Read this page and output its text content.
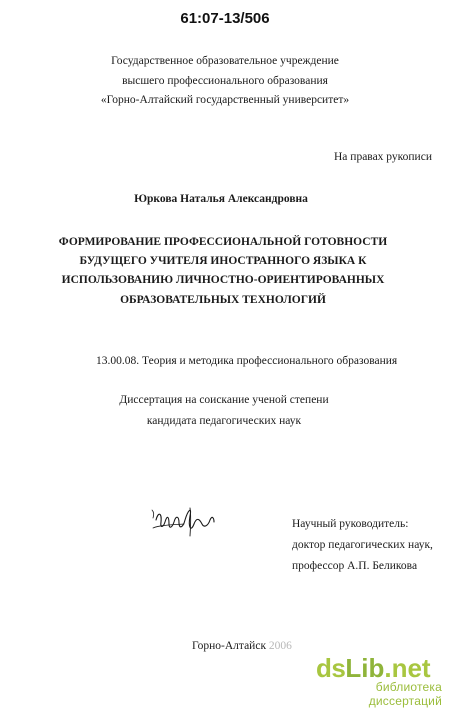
61:07-13/506
Государственное образовательное учреждение
высшего профессионального образования
«Горно-Алтайский государственный университет»
На правах рукописи
Юркова Наталья Александровна
ФОРМИРОВАНИЕ ПРОФЕССИОНАЛЬНОЙ ГОТОВНОСТИ
БУДУЩЕГО УЧИТЕЛЯ ИНОСТРАННОГО ЯЗЫКА К
ИСПОЛЬЗОВАНИЮ ЛИЧНОСТНО-ОРИЕНТИРОВАННЫХ
ОБРАЗОВАТЕЛЬНЫХ ТЕХНОЛОГИЙ
13.00.08. Теория и методика профессионального образования
Диссертация на соискание ученой степени
кандидата педагогических наук
Научный руководитель:
доктор педагогических наук,
профессор А.П. Беликова
Горно-Алтайск 2006
dsLib.net
библиотека диссертаций
